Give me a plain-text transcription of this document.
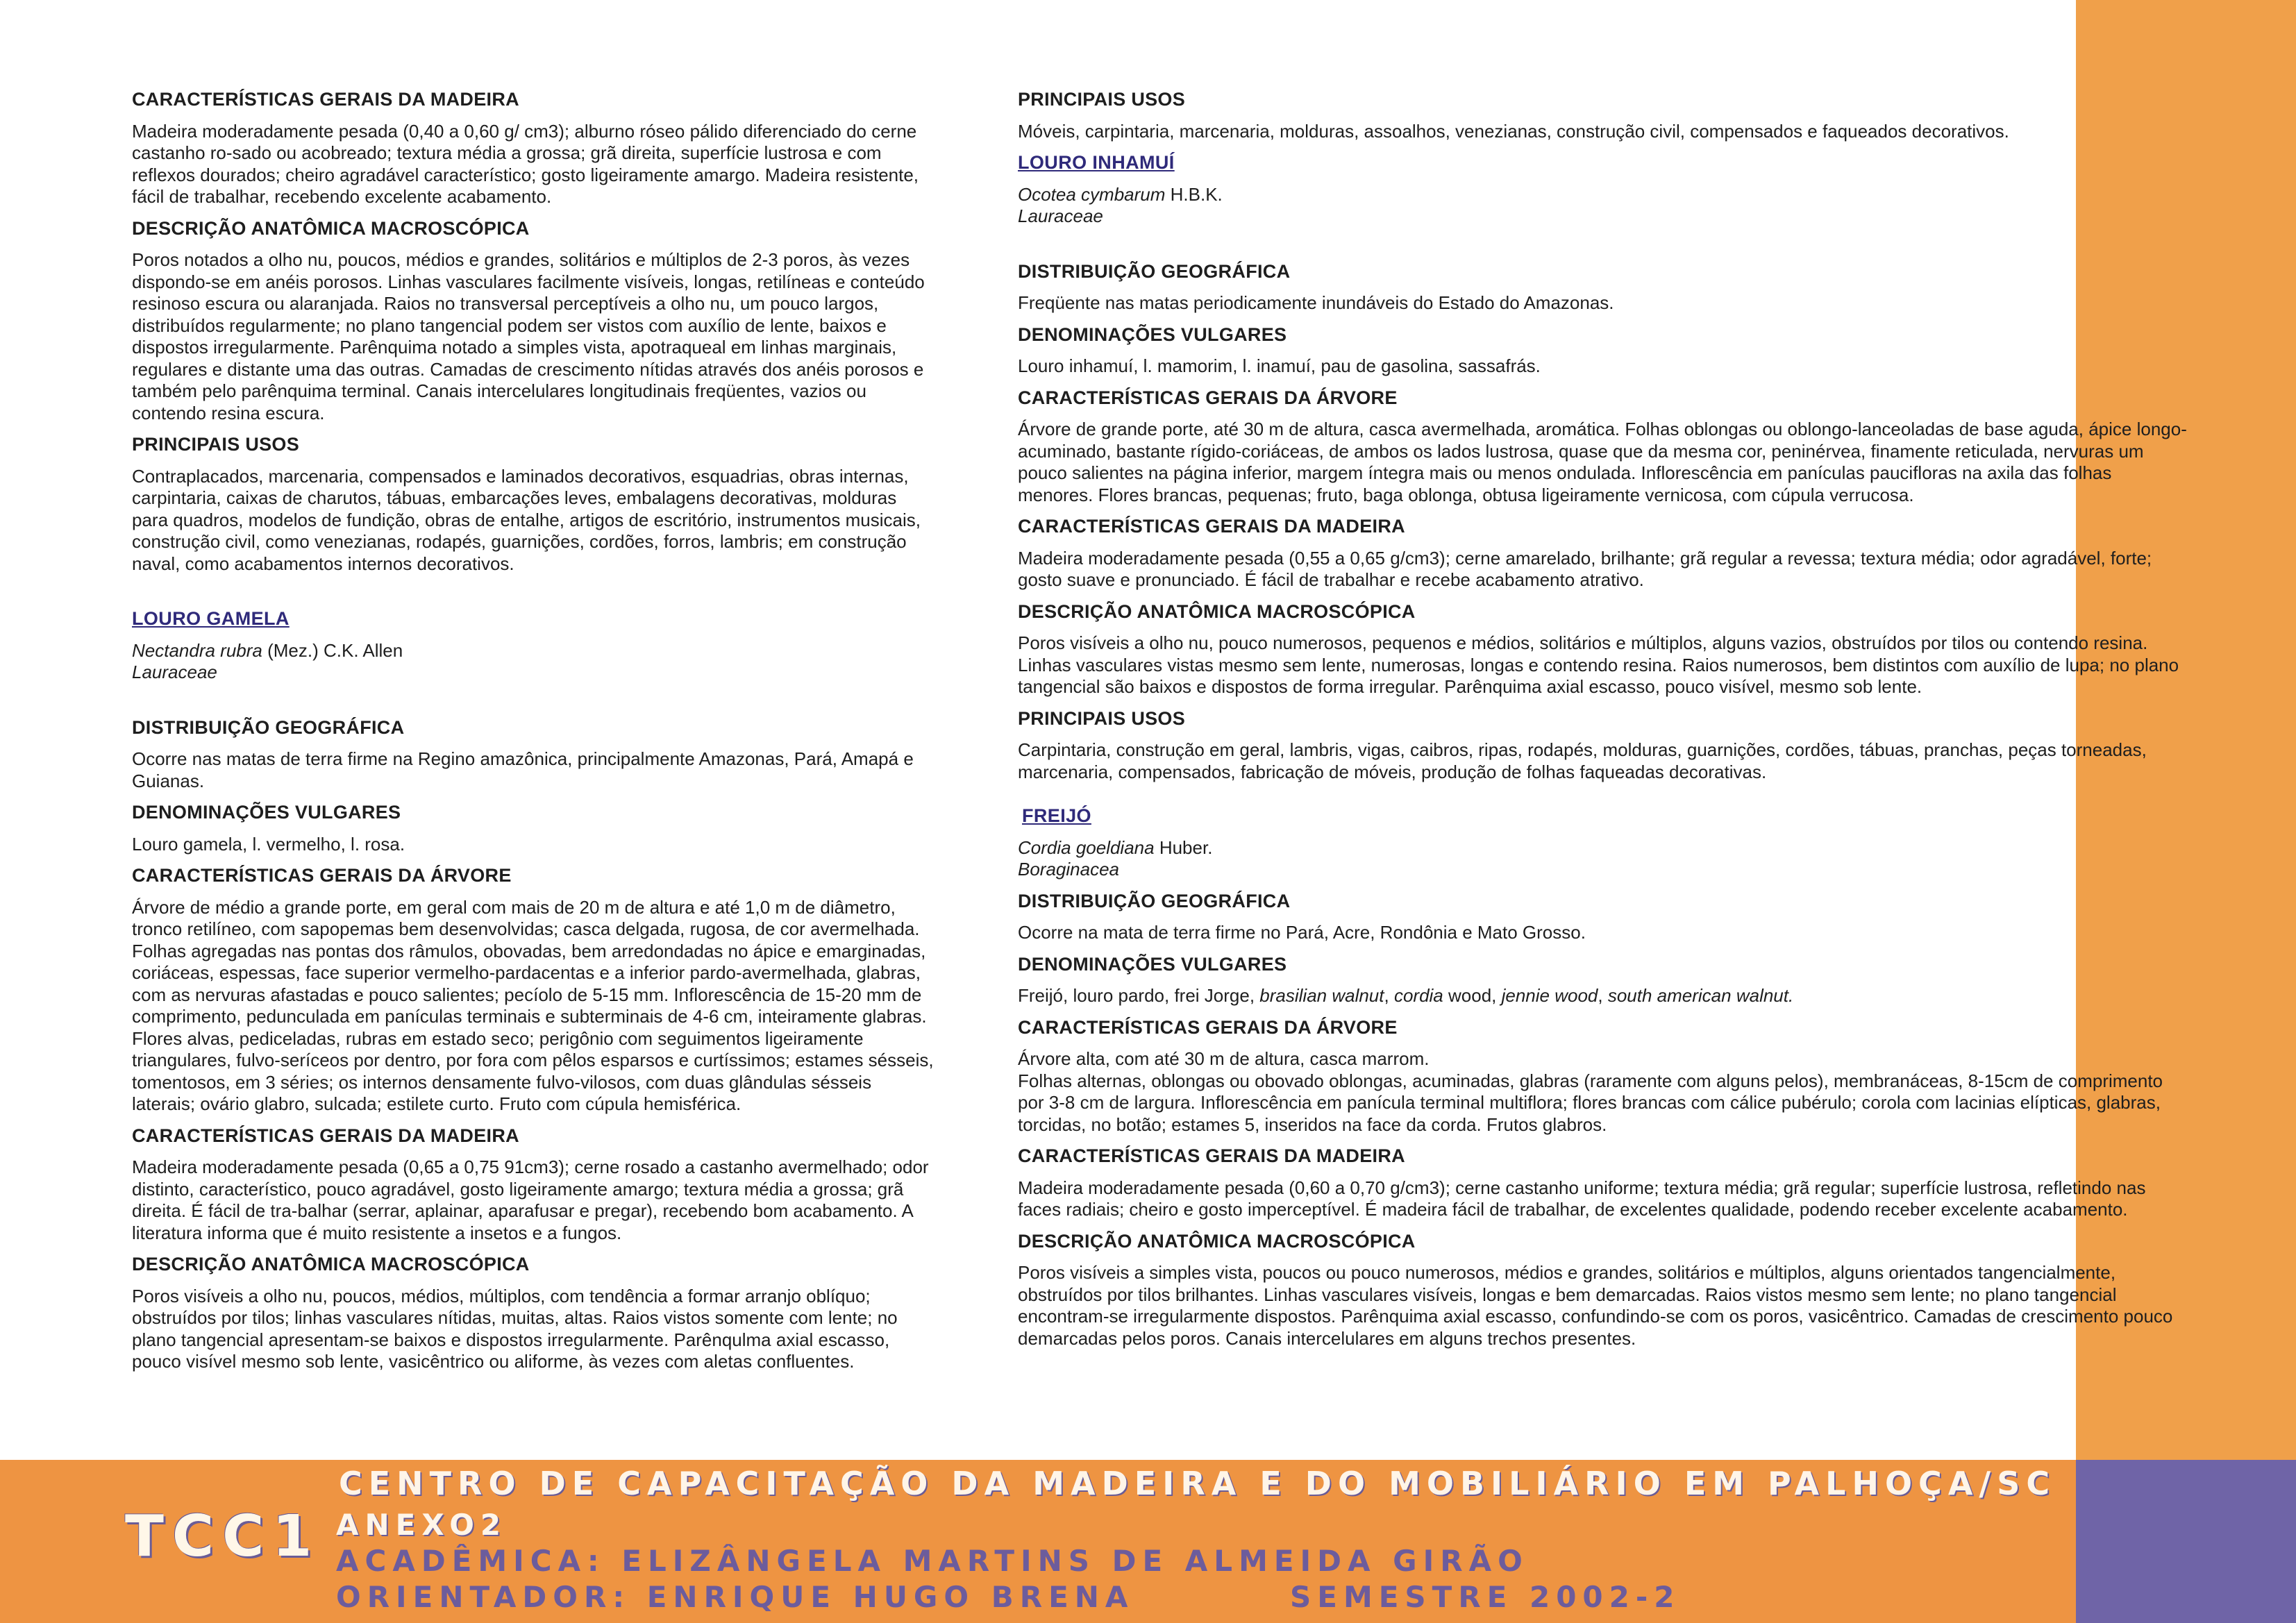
CARACTERÍSTICAS GERAIS DA MADEIRA

Madeira moderadamente pesada (0,40 a 0,60 g/ cm3); alburno róseo pálido diferenciado do cerne castanho ro-sado ou acobreado; textura média a grossa; grã direita, superfície lustrosa e com reflexos dourados; cheiro agradável característico; gosto ligeiramente amargo. Madeira resistente, fácil de trabalhar, recebendo excelente acabamento.

DESCRIÇÃO ANATÔMICA MACROSCÓPICA

Poros notados a olho nu, poucos, médios e grandes, solitários e múltiplos de 2-3 poros, às vezes dispondo-se em anéis porosos. Linhas vasculares facilmente visíveis, longas, retilíneas e conteúdo resinoso escura ou alaranjada. Raios no transversal perceptíveis a olho nu, um pouco largos, distribuídos regularmente; no plano tangencial podem ser vistos com auxílio de lente, baixos e dispostos irregularmente. Parênquima notado a simples vista, apotraqueal em linhas marginais, regulares e distante uma das outras. Camadas de crescimento nítidas através dos anéis porosos e também pelo parênquima terminal. Canais intercelulares longitudinais freqüentes, vazios ou contendo resina escura.

PRINCIPAIS USOS

Contraplacados, marcenaria, compensados e laminados decorativos, esquadrias, obras internas, carpintaria, caixas de charutos, tábuas, embarcações leves, embalagens decorativas, molduras para quadros, modelos de fundição, obras de entalhe, artigos de escritório, instrumentos musicais, construção civil, como venezianas, rodapés, guarnições, cordões, forros, lambris; em construção naval, como acabamentos internos decorativos.

LOURO GAMELA
Nectandra rubra (Mez.) C.K. Allen
Lauraceae
DISTRIBUIÇÃO GEOGRÁFICA

Ocorre nas matas de terra firme na Regino amazônica, principalmente Amazonas, Pará, Amapá e Guianas.

DENOMINAÇÕES VULGARES

Louro gamela, l. vermelho, l. rosa.

CARACTERÍSTICAS GERAIS DA ÁRVORE

Árvore de médio a grande porte, em geral com mais de 20 m de altura e até 1,0 m de diâmetro, tronco retilíneo, com sapopemas bem desenvolvidas; casca delgada, rugosa, de cor avermelhada. Folhas agregadas nas pontas dos râmulos, obovadas, bem arredondadas no ápice e emarginadas, coriáceas, espessas, face superior vermelho-pardacentas e a inferior pardo-avermelhada, glabras, com as nervuras afastadas e pouco salientes; pecíolo de 5-15 mm. Inflorescência de 15-20 mm de comprimento, pedunculada em panículas terminais e subterminais de 4-6 cm, inteiramente glabras. Flores alvas, pediceladas, rubras em estado seco; perigônio com seguimentos ligeiramente triangulares, fulvo-seríceos por dentro, por fora com pêlos esparsos e curtíssimos; estames sésseis, tomentosos, em 3 séries; os internos densamente fulvo-vilosos, com duas glândulas sésseis laterais; ovário glabro, sulcada; estilete curto. Fruto com cúpula hemisférica.

CARACTERÍSTICAS GERAIS DA MADEIRA

Madeira moderadamente pesada (0,65 a 0,75 91cm3); cerne rosado a castanho avermelhado; odor distinto, característico, pouco agradável, gosto ligeiramente amargo; textura média a grossa; grã direita. É fácil de tra-balhar (serrar, aplainar, aparafusar e pregar), recebendo bom acabamento. A literatura informa que é muito resistente a insetos e a fungos.

DESCRIÇÃO ANATÔMICA MACROSCÓPICA

Poros visíveis a olho nu, poucos, médios, múltiplos, com tendência a formar arranjo oblíquo; obstruídos por tilos; linhas vasculares nítidas, muitas, altas. Raios vistos somente com lente; no plano tangencial apresentam-se baixos e dispostos irregularmente. Parênqulma axial escasso, pouco visível mesmo sob lente, vasicêntrico ou aliforme, às vezes com aletas confluentes.

PRINCIPAIS USOS

Móveis, carpintaria, marcenaria, molduras, assoalhos, venezianas, construção civil, compensados e faqueados decorativos.

LOURO INHAMUÍ
Ocotea cymbarum H.B.K.
Lauraceae
DISTRIBUIÇÃO GEOGRÁFICA

Freqüente nas matas periodicamente inundáveis do Estado do Amazonas.

DENOMINAÇÕES VULGARES

Louro inhamuí, l. mamorim, l. inamuí, pau de gasolina, sassafrás.

CARACTERÍSTICAS GERAIS DA ÁRVORE

Árvore de grande porte, até 30 m de altura, casca avermelhada, aromática. Folhas oblongas ou oblongo-lanceoladas de base aguda, ápice longo-acuminado, bastante rígido-coriáceas, de ambos os lados lustrosa, quase que da mesma cor, peninérvea, finamente reticulada, nervuras um pouco salientes na página inferior, margem íntegra mais ou menos ondulada. Inflorescência em panículas paucifloras na axila das folhas menores. Flores brancas, pequenas; fruto, baga oblonga, obtusa ligeiramente vernicosa, com cúpula verrucosa.

CARACTERÍSTICAS GERAIS DA MADEIRA

Madeira moderadamente pesada (0,55 a 0,65 g/cm3); cerne amarelado, brilhante; grã regular a revessa; textura média; odor agradável, forte; gosto suave e pronunciado. É fácil de trabalhar e recebe acabamento atrativo.

DESCRIÇÃO ANATÔMICA MACROSCÓPICA

Poros visíveis a olho nu, pouco numerosos, pequenos e médios, solitários e múltiplos, alguns vazios, obstruídos por tilos ou contendo resina. Linhas vasculares vistas mesmo sem lente, numerosas, longas e contendo resina. Raios numerosos, bem distintos com auxílio de lupa; no plano tangencial são baixos e dispostos de forma irregular. Parênquima axial escasso, pouco visível, mesmo sob lente.

PRINCIPAIS USOS

Carpintaria, construção em geral, lambris, vigas, caibros, ripas, rodapés, molduras, guarnições, cordões, tábuas, pranchas, peças torneadas, marcenaria, compensados, fabricação de móveis, produção de folhas faqueadas decorativas.

FREIJÓ
Cordia goeldiana Huber.
Boraginacea
DISTRIBUIÇÃO GEOGRÁFICA

Ocorre na mata de terra firme no Pará, Acre, Rondônia e Mato Grosso.

DENOMINAÇÕES VULGARES

Freijó, louro pardo, frei Jorge, brasilian walnut, cordia wood, jennie wood, south american walnut.

CARACTERÍSTICAS GERAIS DA ÁRVORE

Árvore alta, com até 30 m de altura, casca marrom.
Folhas alternas, oblongas ou obovado oblongas, acuminadas, glabras (raramente com alguns pelos), membranáceas, 8-15cm de comprimento por 3-8 cm de largura. Inflorescência em panícula terminal multiflora; flores brancas com cálice pubérulo; corola com lacinias elípticas, glabras, torcidas, no botão; estames 5, inseridos na face da corda. Frutos glabros.

CARACTERÍSTICAS GERAIS DA MADEIRA

Madeira moderadamente pesada (0,60 a 0,70 g/cm3); cerne castanho uniforme; textura média; grã regular; superfície lustrosa, refletindo nas faces radiais; cheiro e gosto imperceptível. É madeira fácil de trabalhar, de excelentes qualidade, podendo receber excelente acabamento.

DESCRIÇÃO ANATÔMICA MACROSCÓPICA

Poros visíveis a simples vista, poucos ou pouco numerosos, médios e grandes, solitários e múltiplos, alguns orientados tangencialmente, obstruídos por tilos brilhantes. Linhas vasculares visíveis, longas e bem demarcadas. Raios vistos mesmo sem lente; no plano tangencial encontram-se irregularmente dispostos. Parênquima axial escasso, confundindo-se com os poros, vasicêntrico. Camadas de crescimento pouco demarcadas pelos poros. Canais intercelulares em alguns trechos presentes.

TCC1
CENTRO DE CAPACITAÇÃO DA MADEIRA E DO MOBILIÁRIO EM PALHOÇA/SC
ANEXO2
ACADÊMICA: ELIZÂNGELA MARTINS DE ALMEIDA GIRÃO
ORIENTADOR: ENRIQUE HUGO BRENA	SEMESTRE 2002-2
